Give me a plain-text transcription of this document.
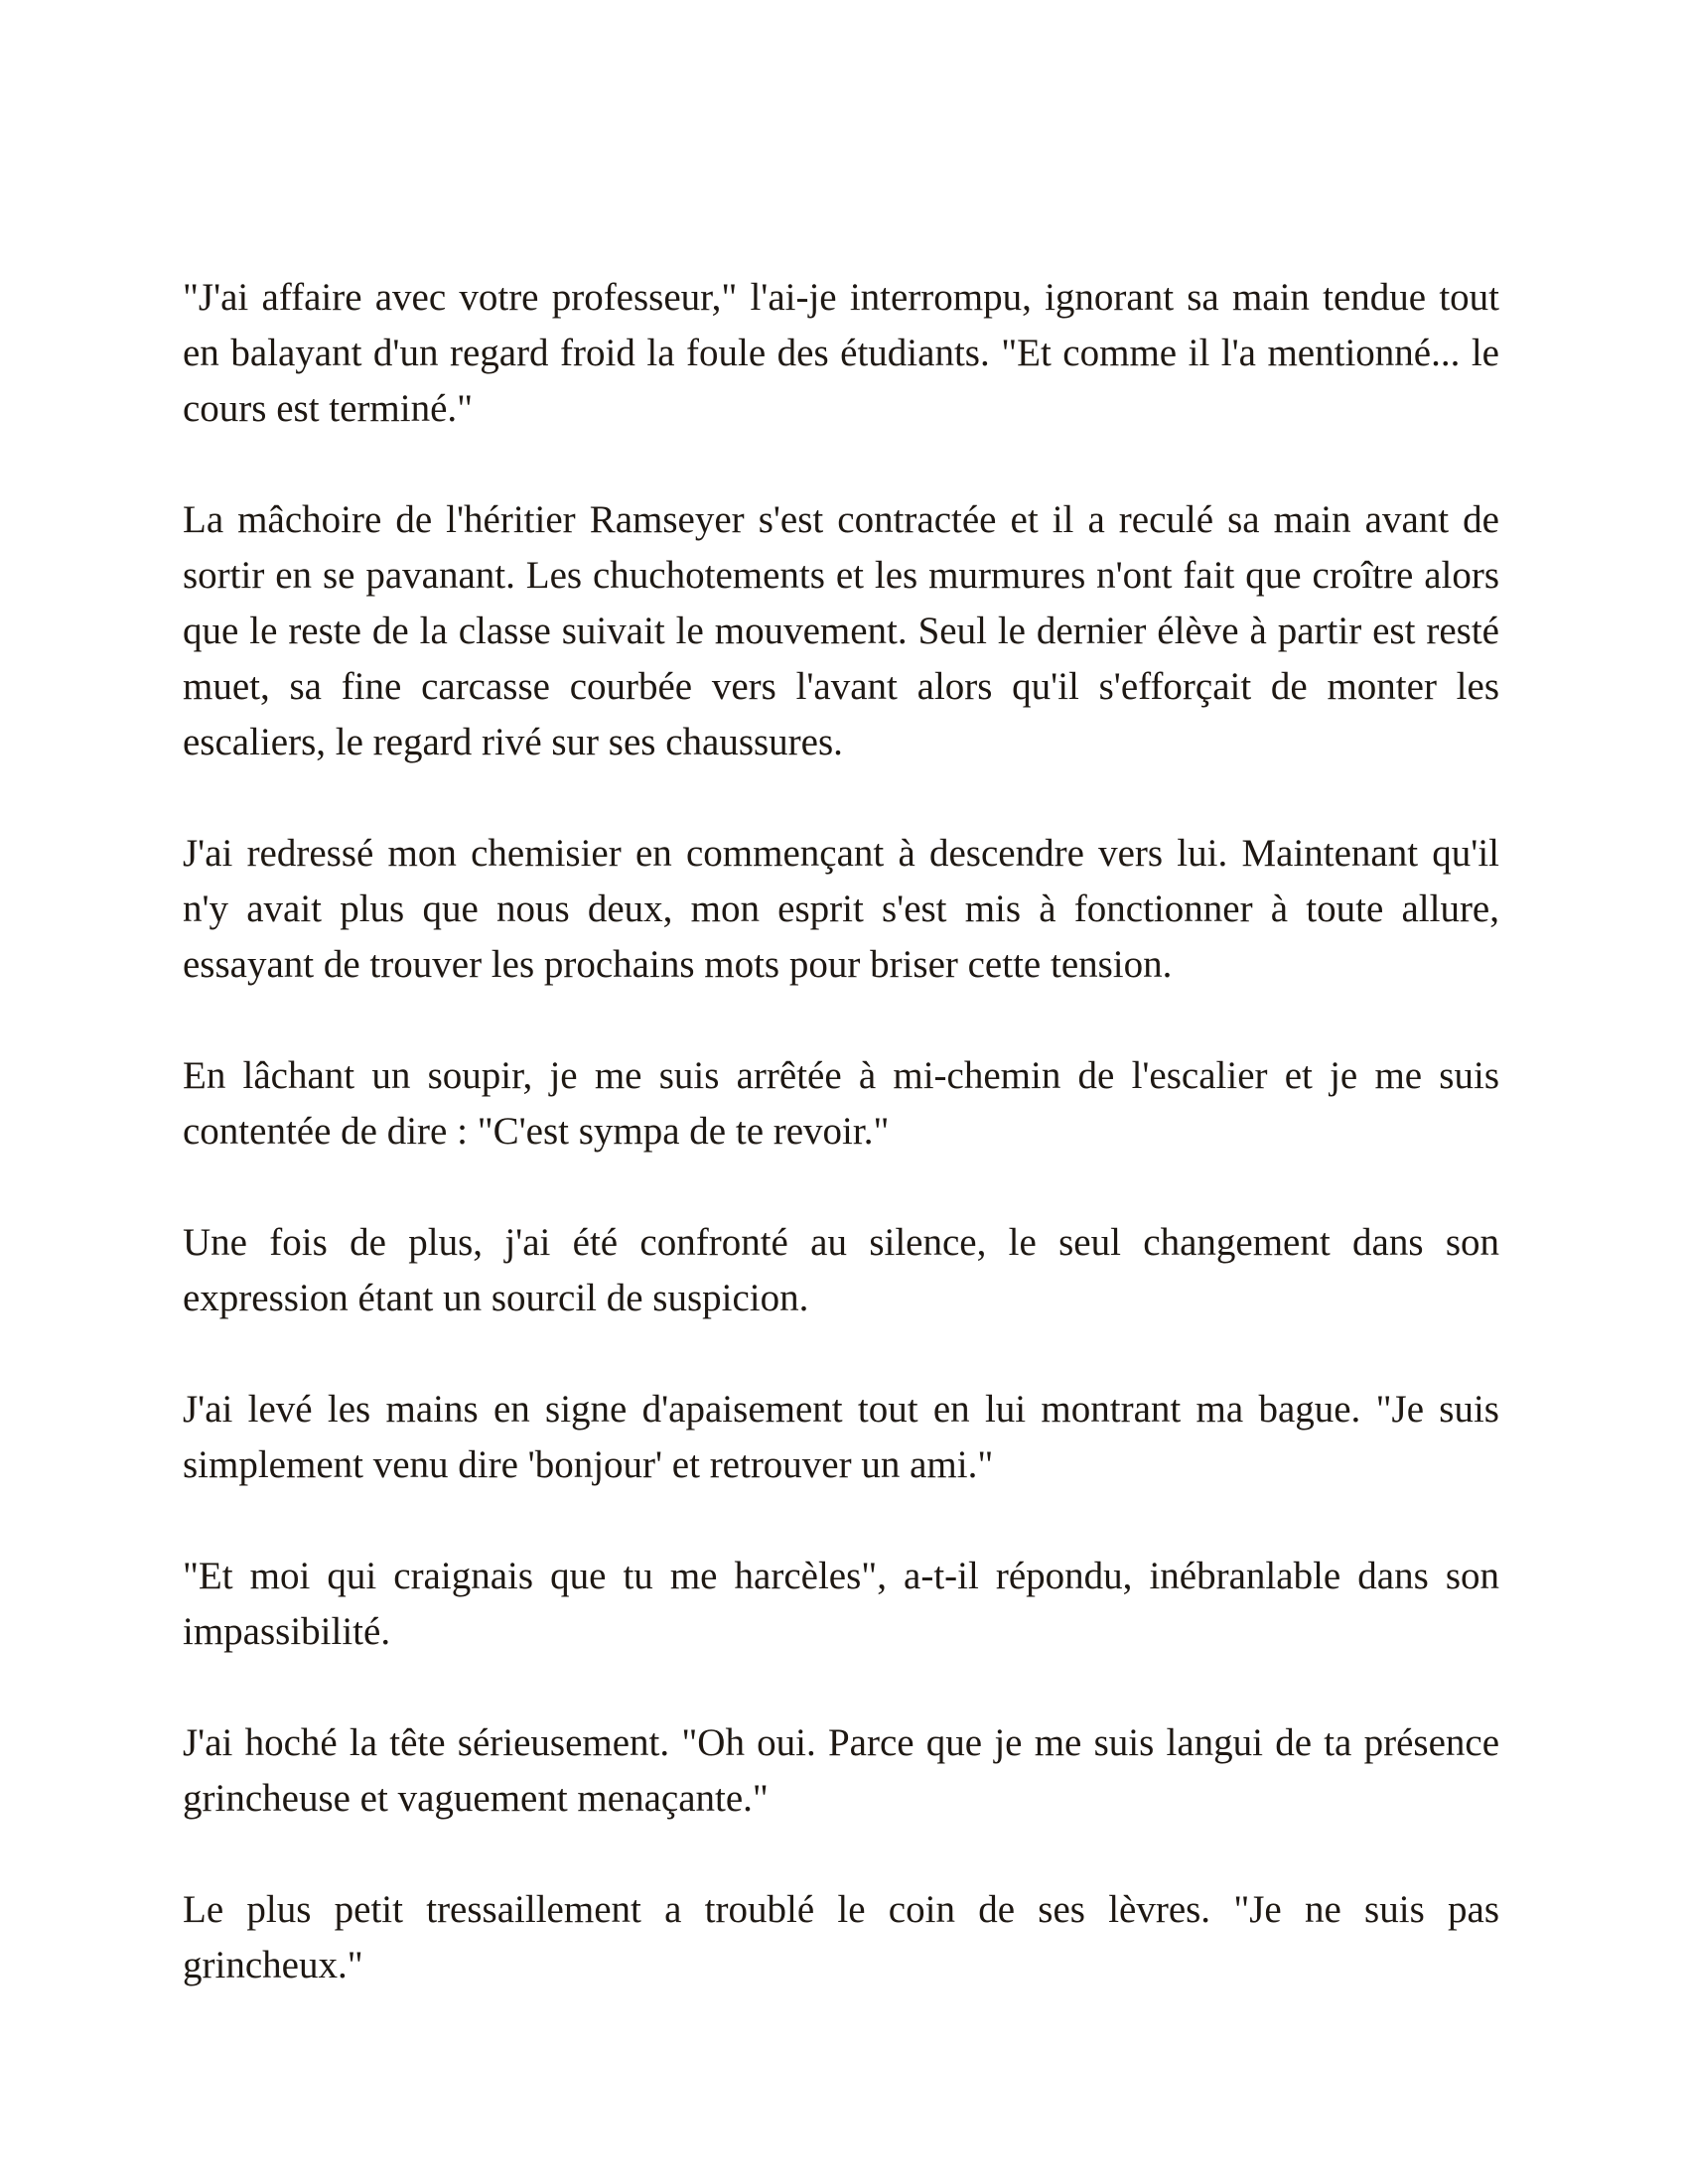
"J'ai affaire avec votre professeur," l'ai-je interrompu, ignorant sa main tendue tout en balayant d'un regard froid la foule des étudiants. "Et comme il l'a mentionné... le cours est terminé."

La mâchoire de l'héritier Ramseyer s'est contractée et il a reculé sa main avant de sortir en se pavanant. Les chuchotements et les murmures n'ont fait que croître alors que le reste de la classe suivait le mouvement. Seul le dernier élève à partir est resté muet, sa fine carcasse courbée vers l'avant alors qu'il s'efforçait de monter les escaliers, le regard rivé sur ses chaussures.

J'ai redressé mon chemisier en commençant à descendre vers lui. Maintenant qu'il n'y avait plus que nous deux, mon esprit s'est mis à fonctionner à toute allure, essayant de trouver les prochains mots pour briser cette tension.

En lâchant un soupir, je me suis arrêtée à mi-chemin de l'escalier et je me suis contentée de dire : "C'est sympa de te revoir."

Une fois de plus, j'ai été confronté au silence, le seul changement dans son expression étant un sourcil de suspicion.

J'ai levé les mains en signe d'apaisement tout en lui montrant ma bague. "Je suis simplement venu dire 'bonjour' et retrouver un ami."

"Et moi qui craignais que tu me harcèles", a-t-il répondu, inébranlable dans son impassibilité.

J'ai hoché la tête sérieusement. "Oh oui. Parce que je me suis langui de ta présence grincheuse et vaguement menaçante."

Le plus petit tressaillement a troublé le coin de ses lèvres. "Je ne suis pas grincheux."
